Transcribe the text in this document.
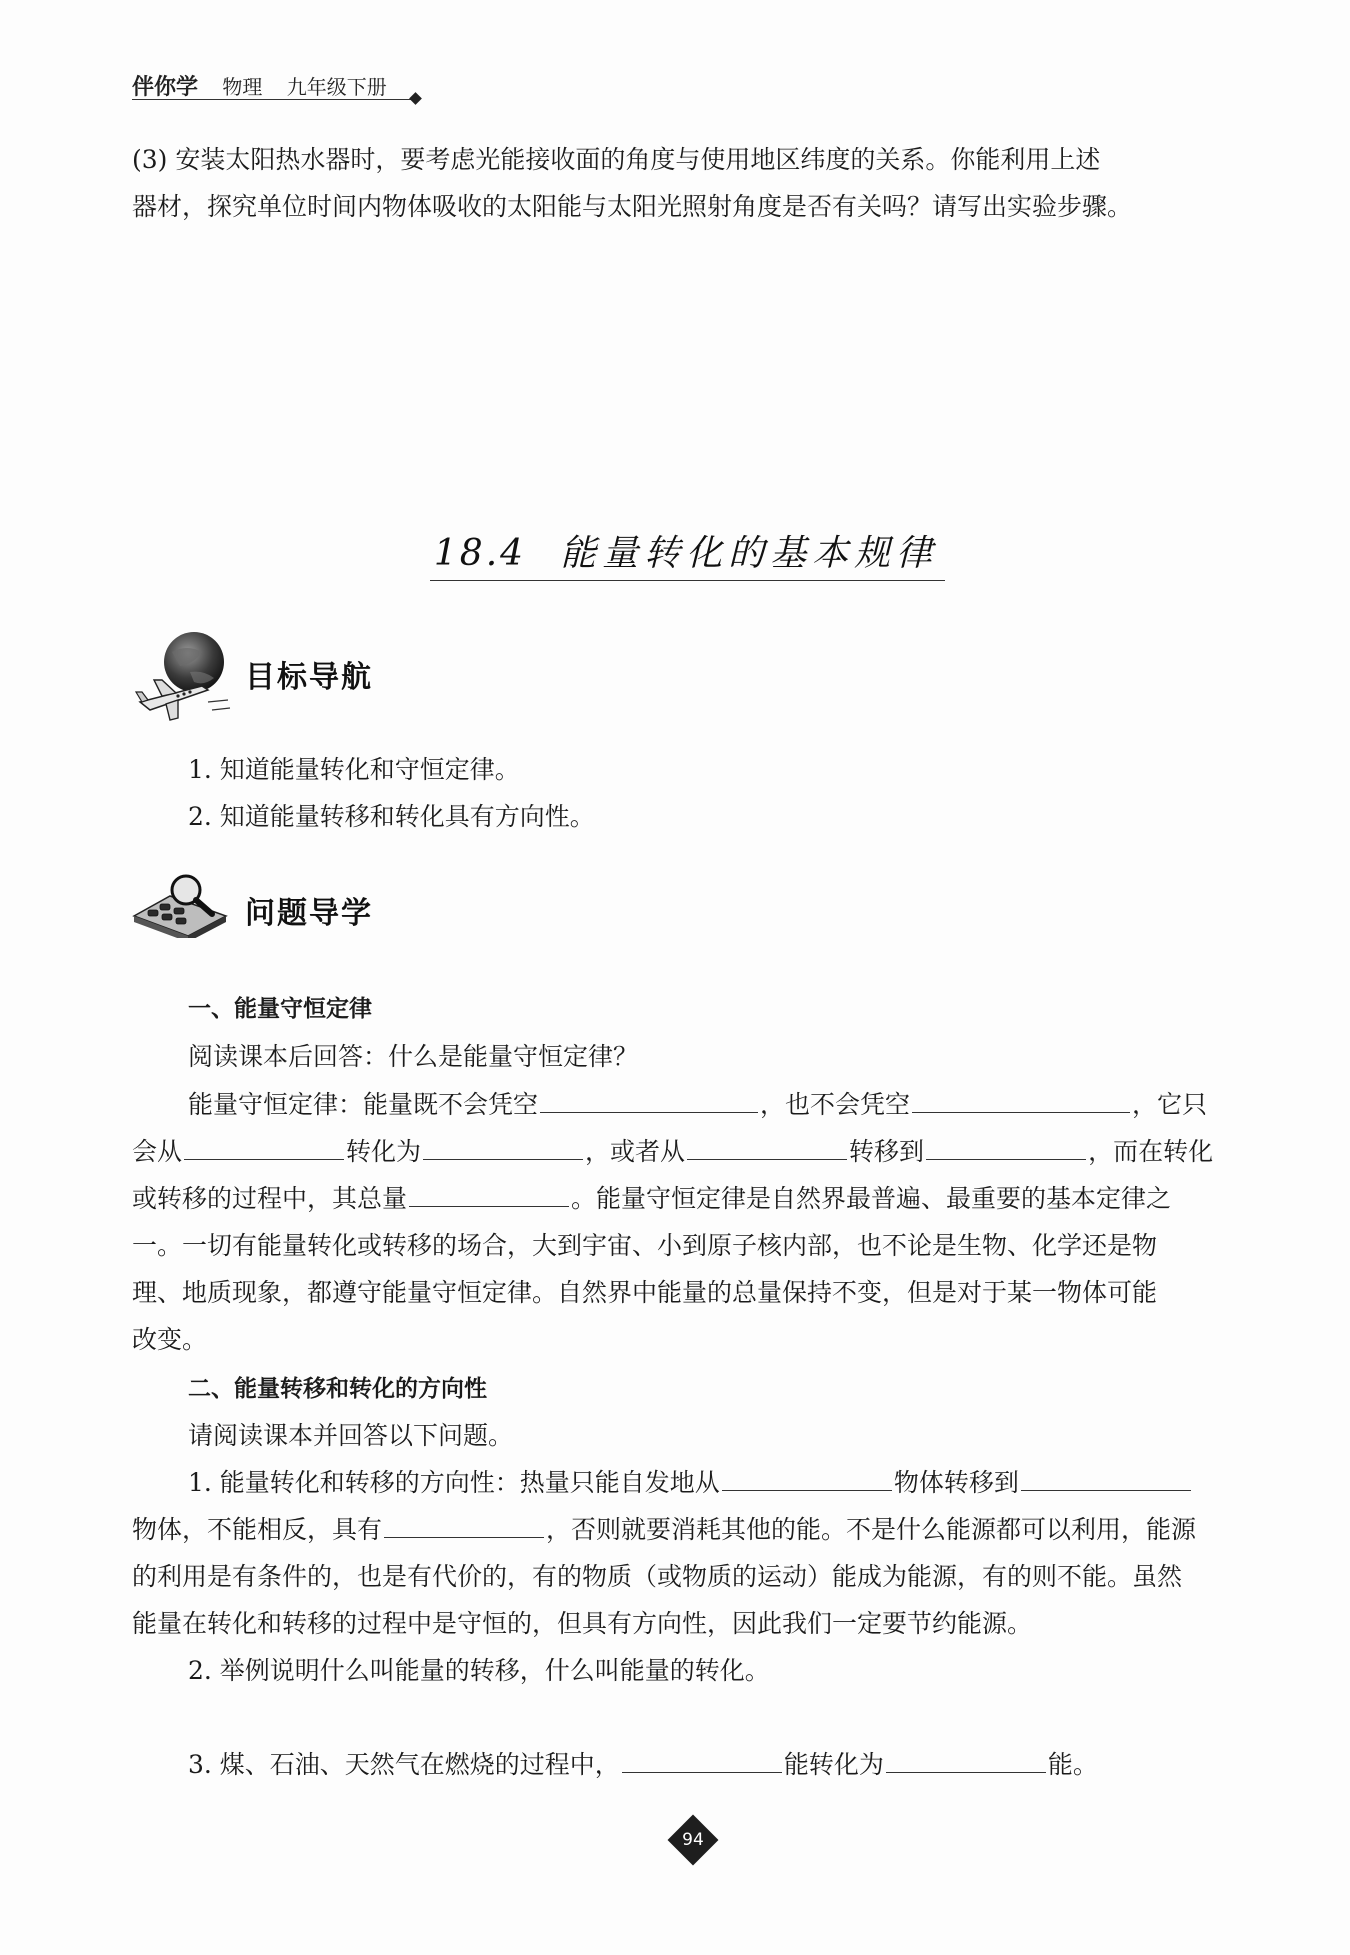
伴你学 物理 九年级下册
(3) 安装太阳热水器时，要考虑光能接收面的角度与使用地区纬度的关系。你能利用上述
器材，探究单位时间内物体吸收的太阳能与太阳光照射角度是否有关吗？请写出实验步骤。
18.4 能量转化的基本规律
目标导航
1. 知道能量转化和守恒定律。
2. 知道能量转移和转化具有方向性。
问题导学
一、能量守恒定律
阅读课本后回答：什么是能量守恒定律？
能量守恒定律：能量既不会凭空	，也不会凭空	，它只
会从	转化为	，或者从	转移到	，而在转化
或转移的过程中，其总量	。能量守恒定律是自然界最普遍、最重要的基本定律之
一。一切有能量转化或转移的场合，大到宇宙、小到原子核内部，也不论是生物、化学还是物
理、地质现象，都遵守能量守恒定律。自然界中能量的总量保持不变，但是对于某一物体可能
改变。
二、能量转移和转化的方向性
请阅读课本并回答以下问题。
1. 能量转化和转移的方向性：热量只能自发地从	物体转移到
物体，不能相反，具有	，否则就要消耗其他的能。不是什么能源都可以利用，能源
的利用是有条件的，也是有代价的，有的物质（或物质的运动）能成为能源，有的则不能。虽然
能量在转化和转移的过程中是守恒的，但具有方向性，因此我们一定要节约能源。
2. 举例说明什么叫能量的转移，什么叫能量的转化。
3. 煤、石油、天然气在燃烧的过程中，	能转化为	能。
94
